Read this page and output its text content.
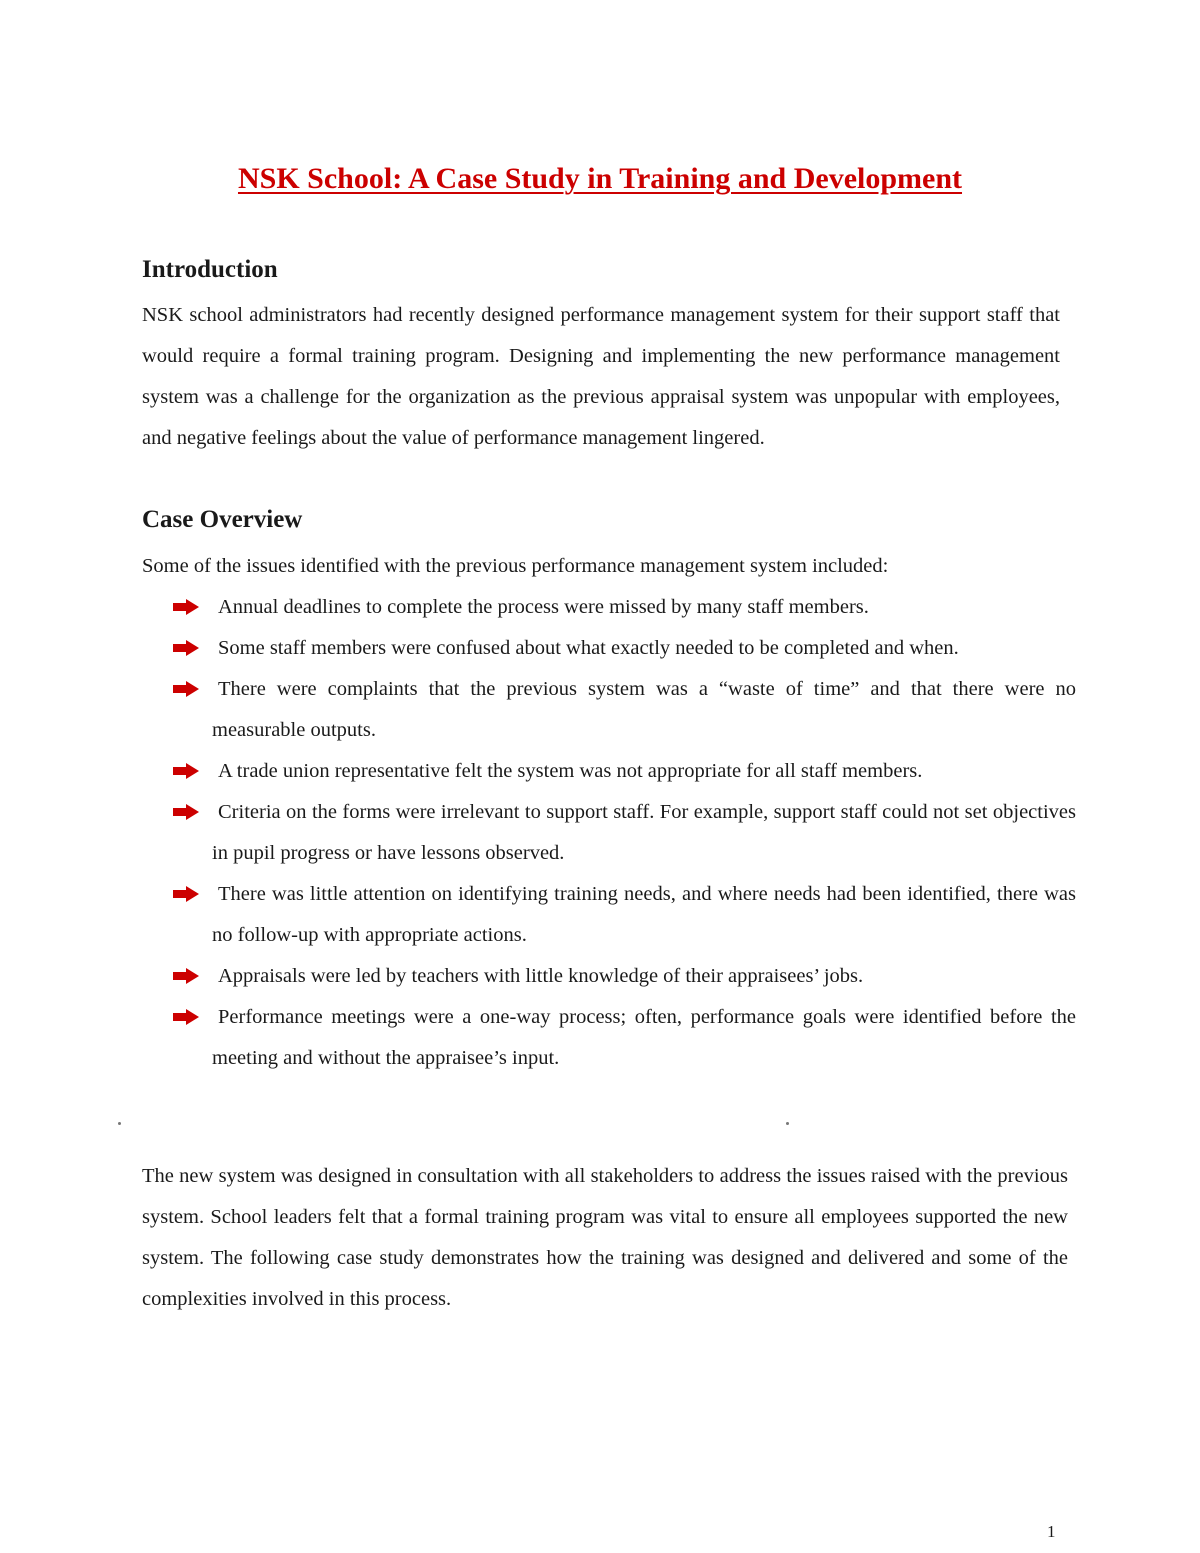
NSK School: A Case Study in Training and Development
Introduction

NSK school administrators had recently designed performance management system for their support staff that would require a formal training program. Designing and implementing the new performance management system was a challenge for the organization as the previous appraisal system was unpopular with employees, and negative feelings about the value of performance management lingered.

Case Overview

Some of the issues identified with the previous performance management system included:

Annual deadlines to complete the process were missed by many staff members.
Some staff members were confused about what exactly needed to be completed and when.
There were complaints that the previous system was a “waste of time” and that there were no measurable outputs.
A trade union representative felt the system was not appropriate for all staff members.
Criteria on the forms were irrelevant to support staff. For example, support staff could not set objectives in pupil progress or have lessons observed.
There was little attention on identifying training needs, and where needs had been identified, there was no follow-up with appropriate actions.
Appraisals were led by teachers with little knowledge of their appraisees’ jobs.
Performance meetings were a one-way process; often, performance goals were identified before the meeting and without the appraisee’s input.

The new system was designed in consultation with all stakeholders to address the issues raised with the previous system. School leaders felt that a formal training program was vital to ensure all employees supported the new system. The following case study demonstrates how the training was designed and delivered and some of the complexities involved in this process.

1
